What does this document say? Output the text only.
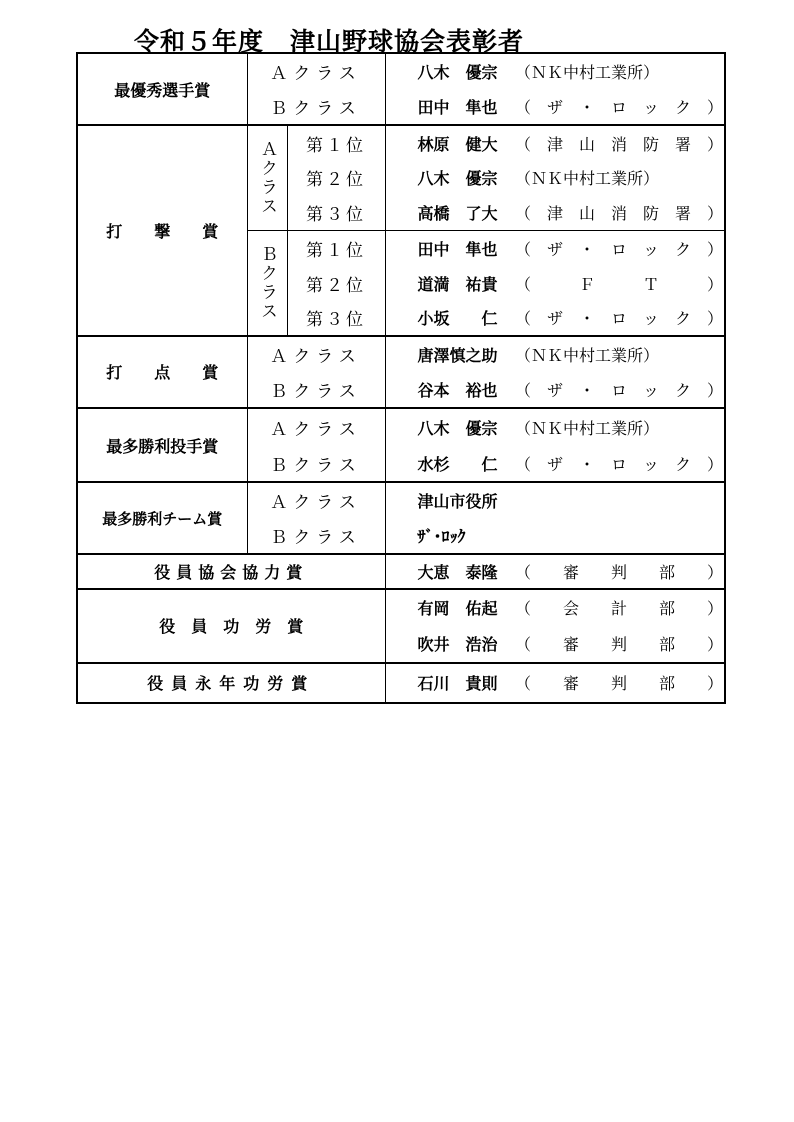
令和５年度　津山野球協会表彰者
最優秀選手賞	Ａクラス		八木　優宗	（ＮＫ中村工業所）
	Ｂクラス		田中　隼也	（　ザ　・　ロ　ッ　ク　）
打　　撃　　賞	Ａクラス	第１位	林原　健大	（　津　山　消　防　署　）
		第２位	八木　優宗	（ＮＫ中村工業所）
		第３位	高橋　了大	（　津　山　消　防　署　）

	Ｂクラス	第１位	田中　隼也	（　ザ　・　ロ　ッ　ク　）
		第２位	道満　祐貴	（　　　Ｆ　　　Ｔ　　　）
		第３位	小坂　　仁	（　ザ　・　ロ　ッ　ク　）
打　　点　　賞	Ａクラス		唐澤慎之助	（ＮＫ中村工業所）
	Ｂクラス		谷本　裕也	（　ザ　・　ロ　ッ　ク　）
最多勝利投手賞	Ａクラス		八木　優宗	（ＮＫ中村工業所）
	Ｂクラス		水杉　　仁	（　ザ　・　ロ　ッ　ク　）
最多勝利チーム賞	Ａクラス		津山市役所	
	Ｂクラス		ｻﾞ･ﾛｯｸ	
役員協会協力賞			大恵　泰隆	（　　審　　判　　部　　）
役　員　功　労　賞			有岡　佑起	（　　会　　計　　部　　）
			吹井　浩治	（　　審　　判　　部　　）
役員永年功労賞			石川　貴則	（　　審　　判　　部　　）
